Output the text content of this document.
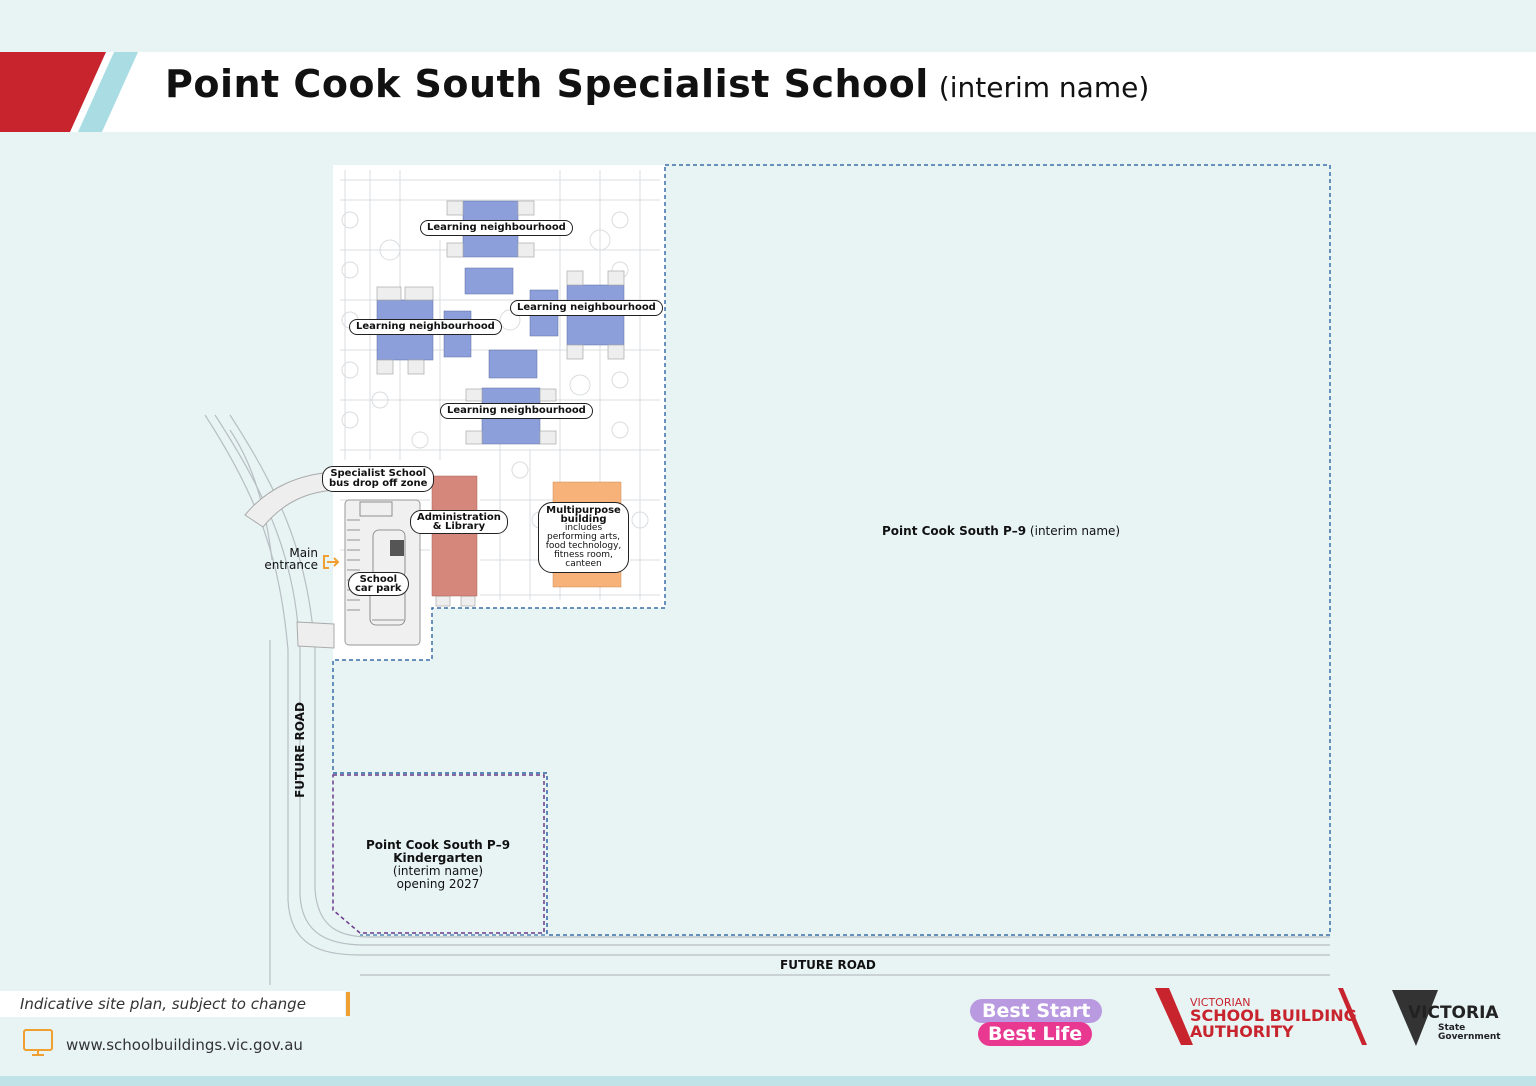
Point Cook South Specialist School (interim name)
Learning neighbourhood
Learning neighbourhood
Learning neighbourhood
Learning neighbourhood
Specialist School
bus drop off zone
Administration
& Library
Multipurpose
building
includes
performing arts,
food technology,
fitness room,
canteen
School
car park
Main
entrance
Point Cook South P–9 (interim name)
Point Cook South P–9
Kindergarten
(interim name)
opening 2027
FUTURE ROAD
FUTURE ROAD
Indicative site plan, subject to change
www.schoolbuildings.vic.gov.au
Best Start
Best Life
VICTORIAN
SCHOOL BUILDING
AUTHORITY
VICTORIA
State
Government
